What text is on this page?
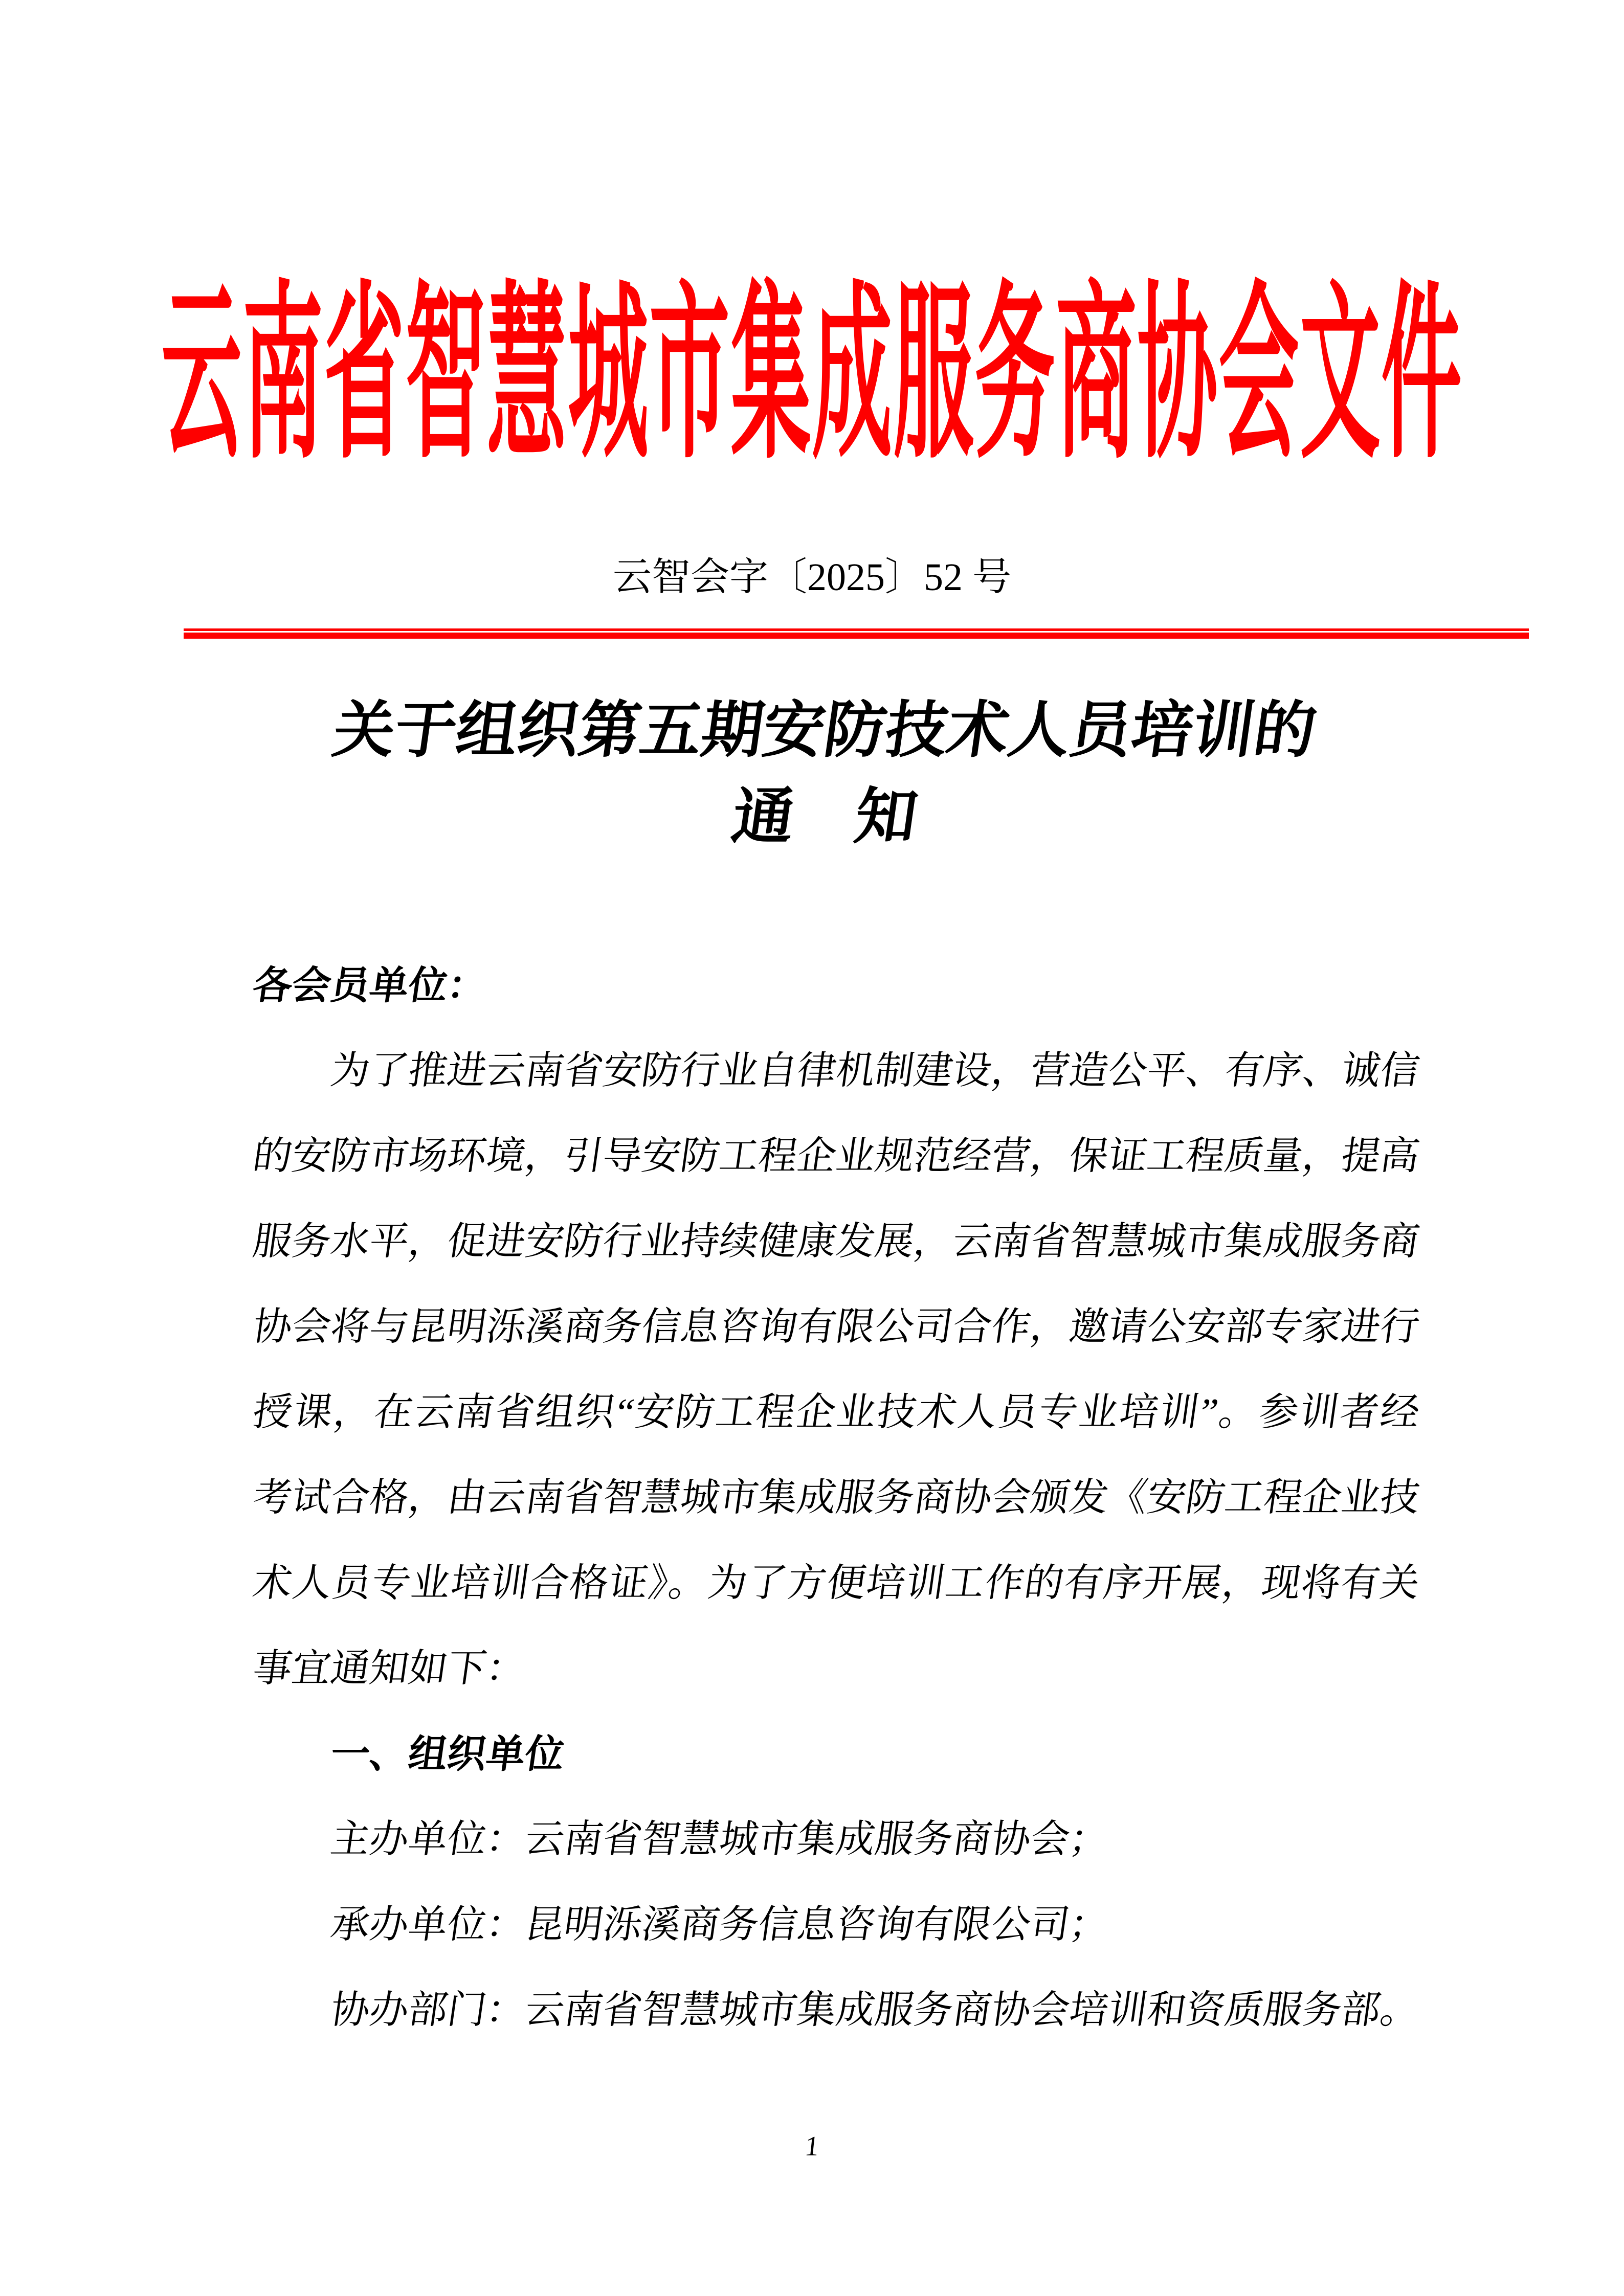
云南省智慧城市集成服务商协会文件
云智会字〔2025〕52 号
关于组织第五期安防技术人员培训的
通　知
各会员单位：
为了推进云南省安防行业自律机制建设，营造公平、有序、诚信
的安防市场环境，引导安防工程企业规范经营，保证工程质量，提高
服务水平，促进安防行业持续健康发展，云南省智慧城市集成服务商
协会将与昆明泺溪商务信息咨询有限公司合作，邀请公安部专家进行
授课，在云南省组织“安防工程企业技术人员专业培训”。参训者经
考试合格，由云南省智慧城市集成服务商协会颁发《安防工程企业技
术人员专业培训合格证》。为了方便培训工作的有序开展，现将有关
事宜通知如下：
一、组织单位
主办单位：云南省智慧城市集成服务商协会；
承办单位：昆明泺溪商务信息咨询有限公司；
协办部门：云南省智慧城市集成服务商协会培训和资质服务部。
1
